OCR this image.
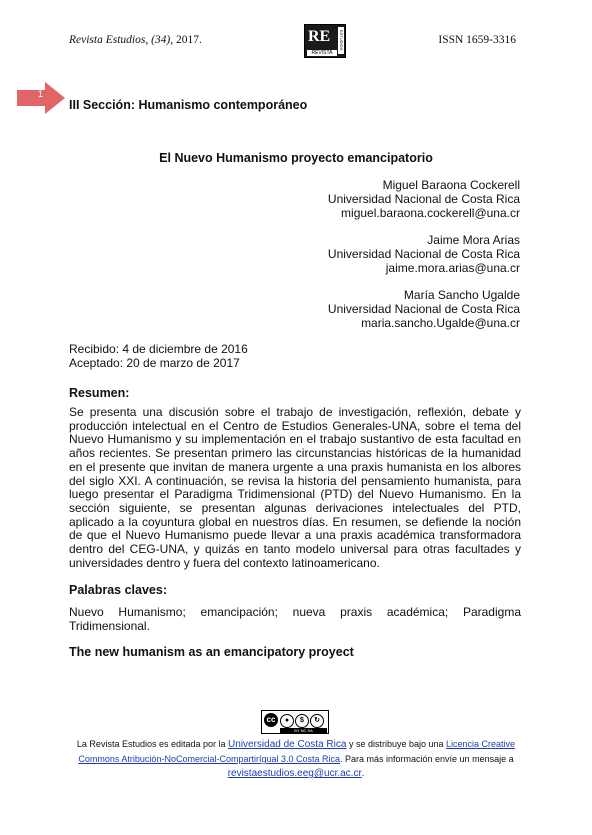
Revista Estudios, (34), 2017.	RE
REVISTA
ESTUDIOS	ISSN 1659-3316
1
III Sección: Humanismo contemporáneo
El Nuevo Humanismo proyecto emancipatorio
Miguel Baraona Cockerell
Universidad Nacional de Costa Rica
miguel.baraona.cockerell@una.cr
Jaime Mora Arias
Universidad Nacional de Costa Rica
jaime.mora.arias@una.cr
María Sancho Ugalde
Universidad Nacional de Costa Rica
maria.sancho.Ugalde@una.cr
Recibido: 4 de diciembre de 2016
Aceptado: 20 de marzo de 2017
Resumen:
Se presenta una discusión sobre el trabajo de investigación, reflexión, debate y producción intelectual en el Centro de Estudios Generales-UNA, sobre el tema del Nuevo Humanismo y su implementación en el trabajo sustantivo de esta facultad en años recientes. Se presentan primero las circunstancias históricas de la humanidad en el presente que invitan de manera urgente a una praxis humanista en los albores del siglo XXI. A continuación, se revisa la historia del pensamiento humanista, para luego presentar el Paradigma Tridimensional (PTD) del Nuevo Humanismo. En la sección siguiente, se presentan algunas derivaciones intelectuales del PTD, aplicado a la coyuntura global en nuestros días. En resumen, se defiende la noción de que el Nuevo Humanismo puede llevar a una praxis académica transformadora dentro del CEG-UNA, y quizás en tanto modelo universal para otras facultades y universidades dentro y fuera del contexto latinoamericano.
Palabras claves:
Nuevo Humanismo; emancipación; nueva praxis académica; Paradigma Tridimensional.
The new humanism as an emancipatory proyect
cc	●	$	↻
BY NC SA
La Revista Estudios es editada por la Universidad de Costa Rica y se distribuye bajo una Licencia Creative Commons Atribución-NoComercial-CompartirIgual 3.0 Costa Rica. Para más información envíe un mensaje a revistaestudios.eeg@ucr.ac.cr.
